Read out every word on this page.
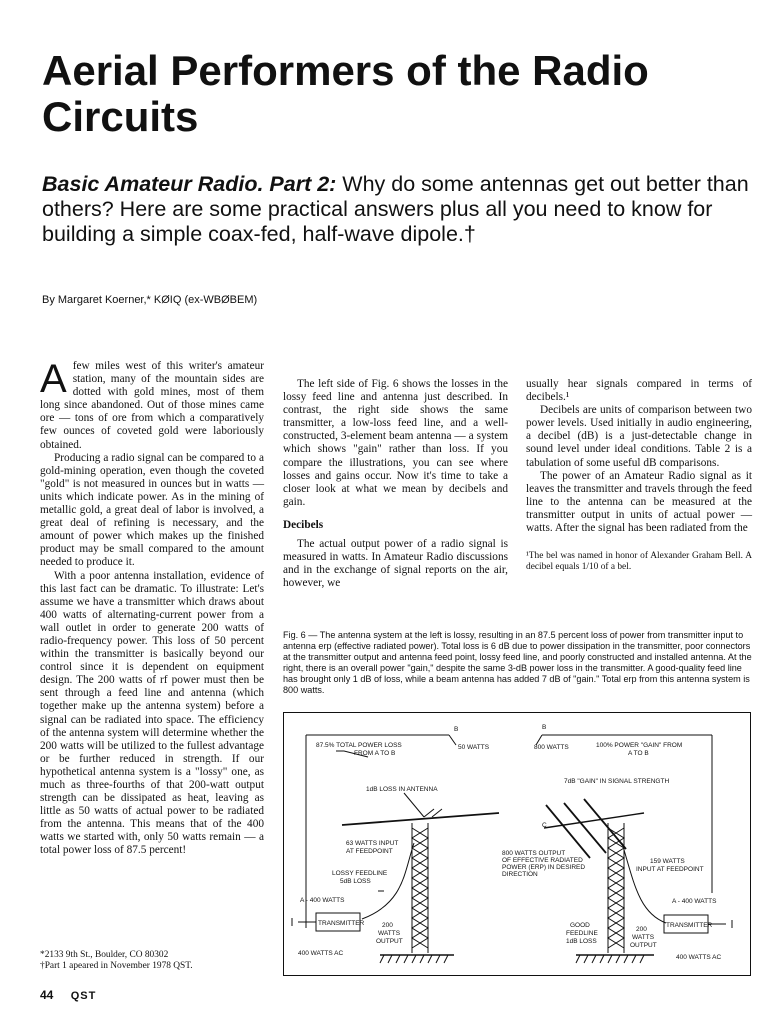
Aerial Performers of the Radio Circuits

Basic Amateur Radio. Part 2: Why do some antennas get out better than others? Here are some practical answers plus all you need to know for building a simple coax-fed, half-wave dipole.†

By Margaret Koerner,* KØIQ (ex-WBØBEM)
A few miles west of this writer's amateur station, many of the mountain sides are dotted with gold mines, most of them long since abandoned. Out of those mines came ore — tons of ore from which a comparatively few ounces of coveted gold were laboriously obtained.

Producing a radio signal can be compared to a gold-mining operation, even though the coveted "gold" is not measured in ounces but in watts — units which indicate power. As in the mining of metallic gold, a great deal of labor is involved, a great deal of refining is necessary, and the amount of power which makes up the finished product may be small compared to the amount needed to produce it.

With a poor antenna installation, evidence of this last fact can be dramatic. To illustrate: Let's assume we have a transmitter which draws about 400 watts of alternating-current power from a wall outlet in order to generate 200 watts of radio-frequency power. This loss of 50 percent within the transmitter is basically beyond our control since it is dependent on equipment design. The 200 watts of rf power must then be sent through a feed line and antenna (which together make up the antenna system) before a signal can be radiated into space. The efficiency of the antenna system will determine whether the 200 watts will be utilized to the fullest advantage or be further reduced in strength. If our hypothetical antenna system is a "lossy" one, as much as three-fourths of that 200-watt output strength can be dissipated as heat, leaving as little as 50 watts of actual power to be radiated from the antenna. This means that of the 400 watts we started with, only 50 watts remain — a total power loss of 87.5 percent!

The left side of Fig. 6 shows the losses in the lossy feed line and antenna just described. In contrast, the right side shows the same transmitter, a low-loss feed line, and a well-constructed, 3-element beam antenna — a system which shows "gain" rather than loss. If you compare the illustrations, you can see where losses and gains occur. Now it's time to take a closer look at what we mean by decibels and gain.

Decibels

The actual output power of a radio signal is measured in watts. In Amateur Radio discussions and in the exchange of signal reports on the air, however, we

usually hear signals compared in terms of decibels.¹

Decibels are units of comparison between two power levels. Used initially in audio engineering, a decibel (dB) is a just-detectable change in sound level under ideal conditions. Table 2 is a tabulation of some useful dB comparisons.

The power of an Amateur Radio signal as it leaves the transmitter and travels through the feed line to the antenna can be measured at the transmitter output in units of actual power — watts. After the signal has been radiated from the

¹The bel was named in honor of Alexander Graham Bell. A decibel equals 1/10 of a bel.

Fig. 6 — The antenna system at the left is lossy, resulting in an 87.5 percent loss of power from transmitter input to antenna erp (effective radiated power). Total loss is 6 dB due to power dissipation in the transmitter, poor connectors at the transmitter output and antenna feed point, lossy feed line, and poorly constructed and installed antenna. At the right, there is an overall power "gain," despite the same 3-dB power loss in the transmitter. A good-quality feed line has brought only 1 dB of loss, while a beam antenna has added 7 dB of "gain." Total erp from this antenna system is 800 watts.

B
87.5% TOTAL POWER LOSS
FROM A TO B
50 WATTS
1dB LOSS IN ANTENNA
63 WATTS INPUT
AT FEEDPOINT
LOSSY FEEDLINE
5dB LOSS
A - 400 WATTS
TRANSMITTER	200
WATTS
OUTPUT
400 WATTS AC
B
800 WATTS	100% POWER "GAIN" FROM
A TO B
7dB "GAIN" IN SIGNAL STRENGTH
C
800 WATTS OUTPUT
OF EFFECTIVE RADIATED
POWER (ERP) IN DESIRED
DIRECTION
159 WATTS
INPUT AT FEEDPOINT
A - 400 WATTS
GOOD
FEEDLINE
1dB LOSS
200
WATTS
OUTPUT
TRANSMITTER
400 WATTS AC
*2133 9th St., Boulder, CO 80302
†Part 1 apeared in November 1978 QST.
44 QST
